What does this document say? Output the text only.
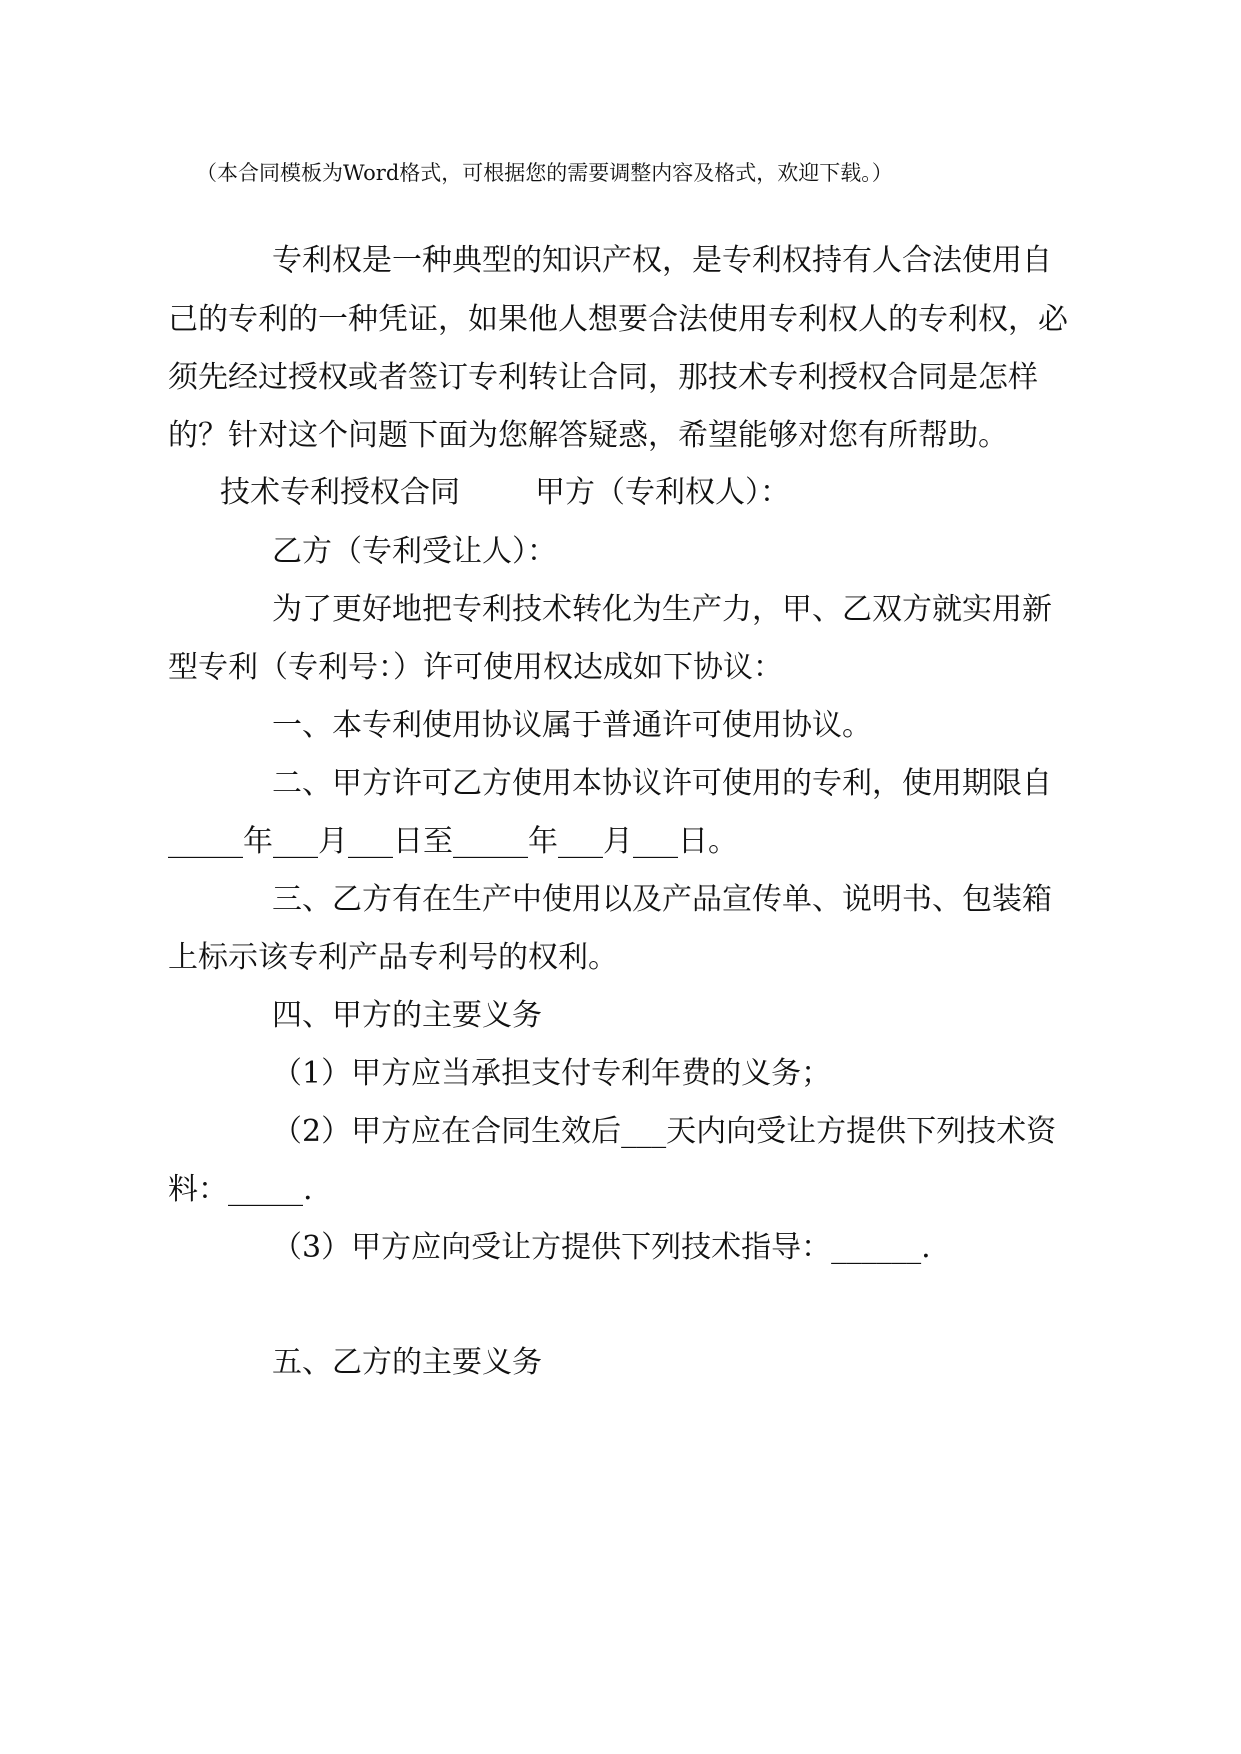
（本合同模板为Word格式，可根据您的需要调整内容及格式，欢迎下载。）
专利权是一种典型的知识产权，是专利权持有人合法使用自
己的专利的一种凭证，如果他人想要合法使用专利权人的专利权，必
须先经过授权或者签订专利转让合同，那技术专利授权合同是怎样
的？针对这个问题下面为您解答疑惑，希望能够对您有所帮助。
技术专利授权合同	甲方（专利权人）：
乙方（专利受让人）：
为了更好地把专利技术转化为生产力，甲、乙双方就实用新
型专利（专利号：）许可使用权达成如下协议：
一、本专利使用协议属于普通许可使用协议。
二、甲方许可乙方使用本协议许可使用的专利，使用期限自
_____年___月___日至_____年___月___日。
三、乙方有在生产中使用以及产品宣传单、说明书、包装箱
上标示该专利产品专利号的权利。
四、甲方的主要义务
（1）甲方应当承担支付专利年费的义务；
（2）甲方应在合同生效后___天内向受让方提供下列技术资
料：_____.
（3）甲方应向受让方提供下列技术指导：______.
五、乙方的主要义务
